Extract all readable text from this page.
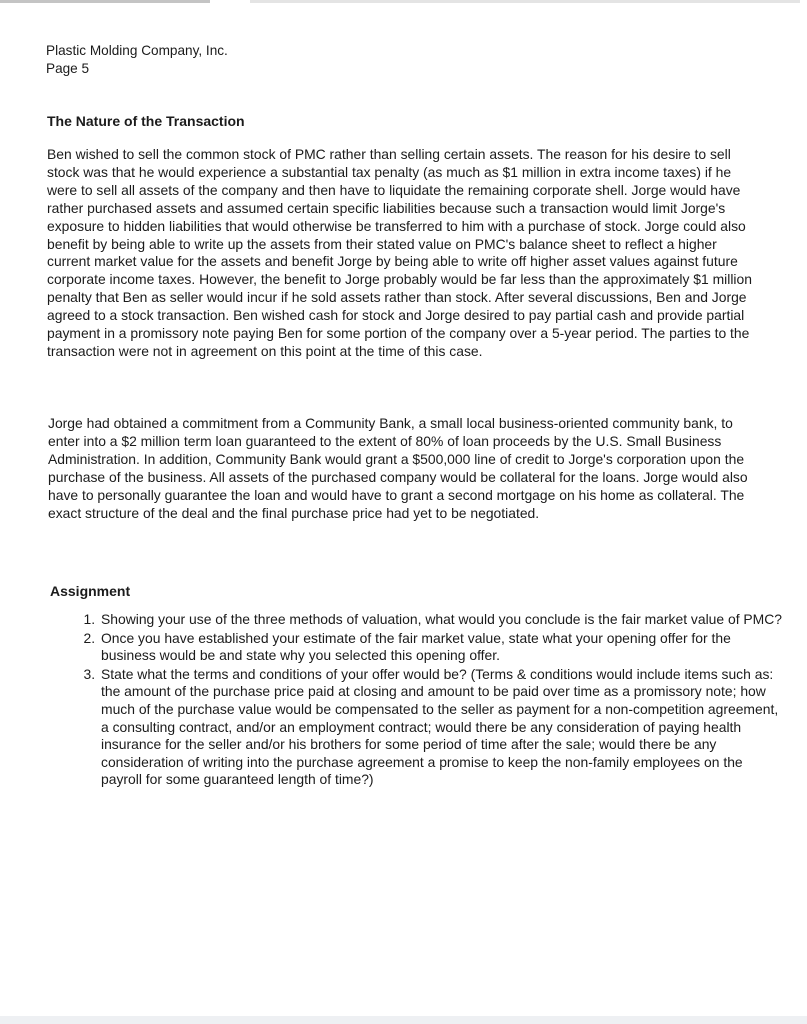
Plastic Molding Company, Inc.
Page 5
The Nature of the Transaction
Ben wished to sell the common stock of PMC rather than selling certain assets. The reason for his desire to sell stock was that he would experience a substantial tax penalty (as much as $1 million in extra income taxes) if he were to sell all assets of the company and then have to liquidate the remaining corporate shell. Jorge would have rather purchased assets and assumed certain specific liabilities because such a transaction would limit Jorge's exposure to hidden liabilities that would otherwise be transferred to him with a purchase of stock. Jorge could also benefit by being able to write up the assets from their stated value on PMC's balance sheet to reflect a higher current market value for the assets and benefit Jorge by being able to write off higher asset values against future corporate income taxes. However, the benefit to Jorge probably would be far less than the approximately $1 million penalty that Ben as seller would incur if he sold assets rather than stock. After several discussions, Ben and Jorge agreed to a stock transaction. Ben wished cash for stock and Jorge desired to pay partial cash and provide partial payment in a promissory note paying Ben for some portion of the company over a 5-year period. The parties to the transaction were not in agreement on this point at the time of this case.
Jorge had obtained a commitment from a Community Bank, a small local business-oriented community bank, to enter into a $2 million term loan guaranteed to the extent of 80% of loan proceeds by the U.S. Small Business Administration. In addition, Community Bank would grant a $500,000 line of credit to Jorge's corporation upon the purchase of the business. All assets of the purchased company would be collateral for the loans. Jorge would also have to personally guarantee the loan and would have to grant a second mortgage on his home as collateral. The exact structure of the deal and the final purchase price had yet to be negotiated.
Assignment
1. Showing your use of the three methods of valuation, what would you conclude is the fair market value of PMC?
2. Once you have established your estimate of the fair market value, state what your opening offer for the business would be and state why you selected this opening offer.
3. State what the terms and conditions of your offer would be? (Terms & conditions would include items such as: the amount of the purchase price paid at closing and amount to be paid over time as a promissory note; how much of the purchase value would be compensated to the seller as payment for a non-competition agreement, a consulting contract, and/or an employment contract; would there be any consideration of paying health insurance for the seller and/or his brothers for some period of time after the sale; would there be any consideration of writing into the purchase agreement a promise to keep the non-family employees on the payroll for some guaranteed length of time?)
